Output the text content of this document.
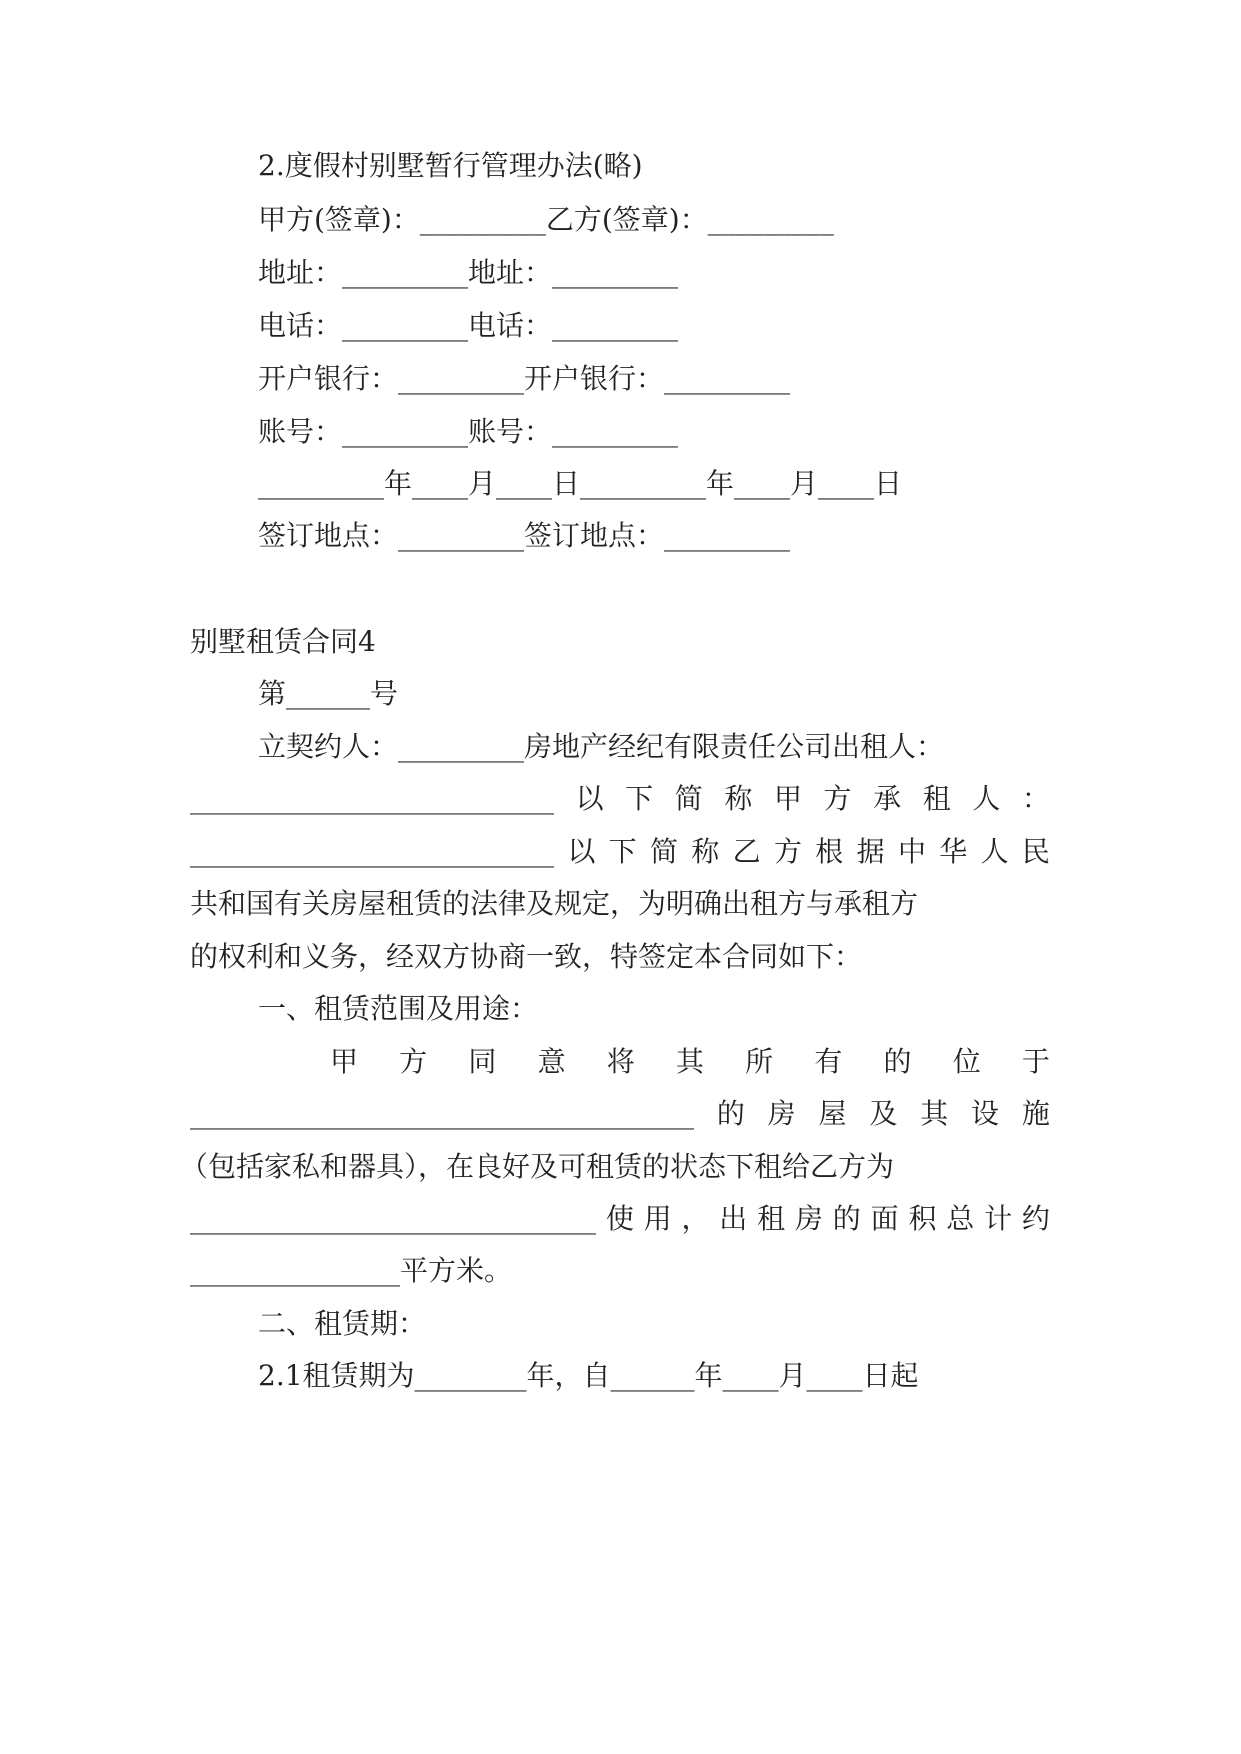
2.度假村别墅暂行管理办法(略)
甲方(签章)：_________乙方(签章)：_________
地址：_________地址：_________
电话：_________电话：_________
开户银行：_________开户银行：_________
账号：_________账号：_________
_________年____月____日_________年____月____日
签订地点：_________签订地点：_________
别墅租赁合同4
第______号
立契约人：_________房地产经纪有限责任公司出租人：
__________________________ 以 下 简 称 甲 方 承 租 人 ：
__________________________ 以 下 简 称 乙 方 根 据 中 华 人 民
共和国有关房屋租赁的法律及规定，为明确出租方与承租方
的权利和义务，经双方协商一致，特签定本合同如下：
一、租赁范围及用途：
甲 方 同 意 将 其 所 有 的 位 于
____________________________________ 的 房 屋 及 其 设 施
（包括家私和器具），在良好及可租赁的状态下租给乙方为
_____________________________ 使 用 ， 出 租 房 的 面 积 总 计 约
_______________平方米。
二、租赁期：
2.1租赁期为________年，自______年____月____日起
